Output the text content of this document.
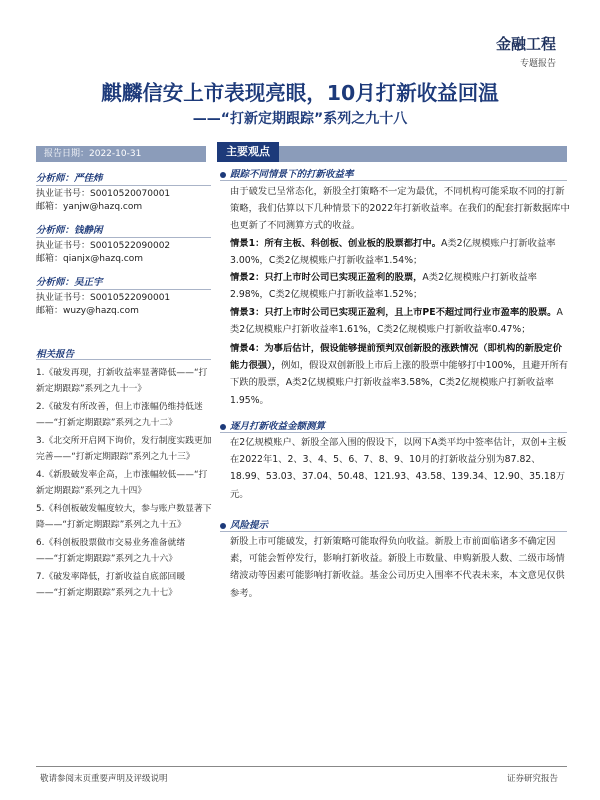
金融工程
专题报告
麒麟信安上市表现亮眼，10月打新收益回温
——“打新定期跟踪”系列之九十八
报告日期：2022-10-31
分析师：严佳炜
执业证书号：S0010520070001
邮箱：yanjw@hazq.com
分析师：钱静闲
执业证书号：S0010522090002
邮箱：qianjx@hazq.com
分析师：吴正宇
执业证书号：S0010522090001
邮箱：wuzy@hazq.com
相关报告
1.《破发再现，打新收益率显著降低——“打新定期跟踪”系列之九十一》
2.《破发有所改善，但上市涨幅仍维持低迷——“打新定期跟踪”系列之九十二》
3.《北交所开启网下询价，发行制度实践更加完善——“打新定期跟踪”系列之九十三》
4.《新股破发率企高，上市涨幅较低——“打新定期跟踪”系列之九十四》
5.《科创板破发幅度较大，参与账户数显著下降——“打新定期跟踪”系列之九十五》
6.《科创板股票做市交易业务准备就绪——“打新定期跟踪”系列之九十六》
7.《破发率降低，打新收益自底部回暖——“打新定期跟踪”系列之九十七》
主要观点
跟踪不同情景下的打新收益率

由于破发已呈常态化，新股全打策略不一定为最优，不同机构可能采取不同的打新策略，我们估算以下几种情景下的2022年打新收益率。在我们的配套打新数据库中也更新了不同测算方式的收益。

情景1：所有主板、科创板、创业板的股票都打中。A类2亿规模账户打新收益率3.00%，C类2亿规模账户打新收益率1.54%；

情景2：只打上市时公司已实现正盈利的股票，A类2亿规模账户打新收益率2.98%，C类2亿规模账户打新收益率1.52%；

情景3：只打上市时公司已实现正盈利，且上市PE不超过同行业市盈率的股票。A类2亿规模账户打新收益率1.61%，C类2亿规模账户打新收益率0.47%；

情景4：为事后估计，假设能够提前预判双创新股的涨跌情况（即机构的新股定价能力很强），例如，假设双创新股上市后上涨的股票中能够打中100%，且避开所有下跌的股票，A类2亿规模账户打新收益率3.58%，C类2亿规模账户打新收益率1.95%。

逐月打新收益金额测算

在2亿规模账户、新股全部入围的假设下，以网下A类平均中签率估计，双创+主板在2022年1、2、3、4、5、6、7、8、9、10月的打新收益分别为87.82、18.99、53.03、37.04、50.48、121.93、43.58、139.34、12.90、35.18万元。

风险提示

新股上市可能破发，打新策略可能取得负向收益。新股上市前面临诸多不确定因素，可能会暂停发行，影响打新收益。新股上市数量、申购新股人数、二级市场情绪波动等因素可能影响打新收益。基金公司历史入围率不代表未来，本文意见仅供参考。

敬请参阅末页重要声明及评级说明	证券研究报告
